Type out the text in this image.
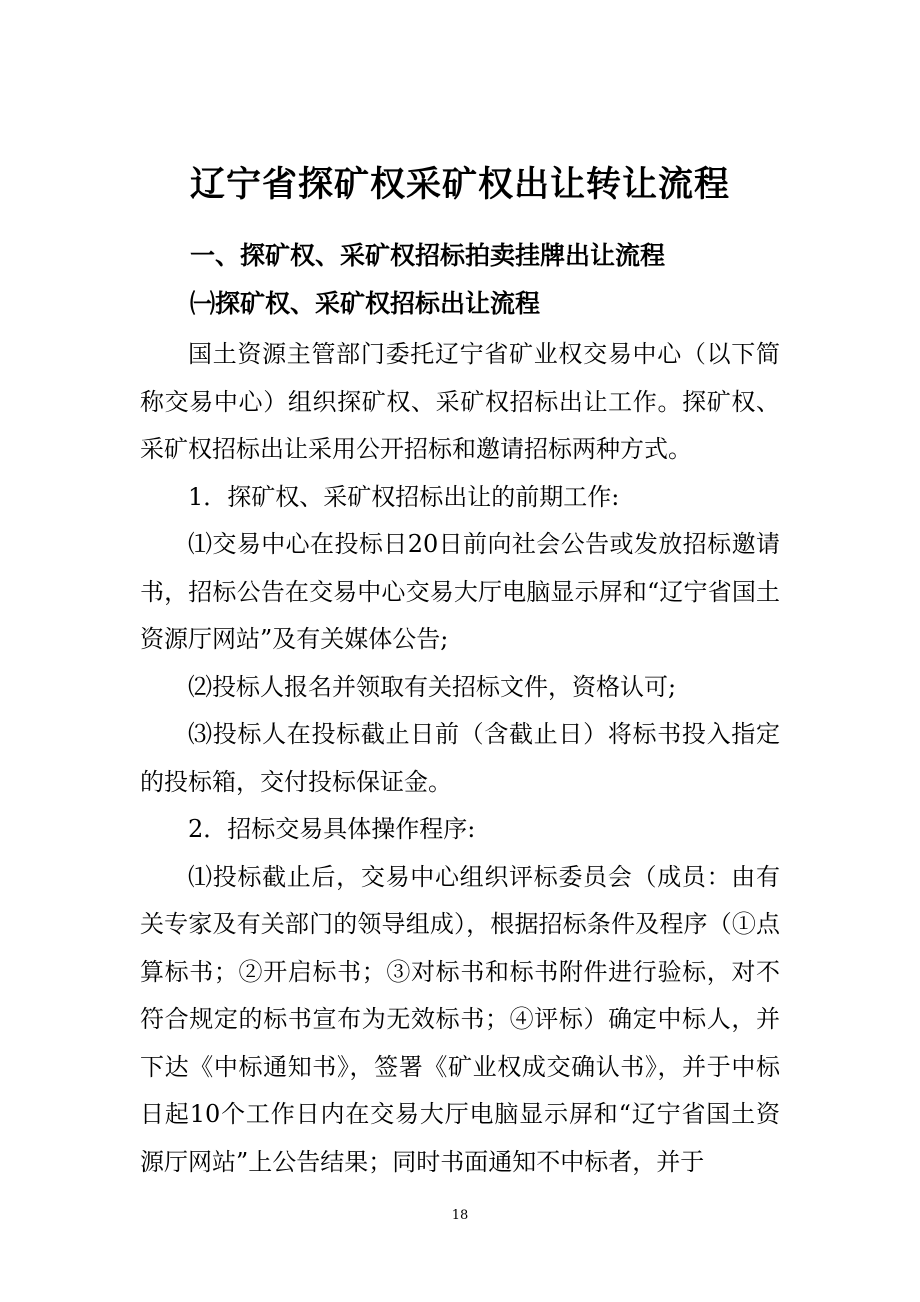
辽宁省探矿权采矿权出让转让流程
一、探矿权、采矿权招标拍卖挂牌出让流程
㈠探矿权、采矿权招标出让流程

国土资源主管部门委托辽宁省矿业权交易中心（以下简称交易中心）组织探矿权、采矿权招标出让工作。探矿权、采矿权招标出让采用公开招标和邀请招标两种方式。

1．探矿权、采矿权招标出让的前期工作:

⑴交易中心在投标日20日前向社会公告或发放招标邀请书，招标公告在交易中心交易大厅电脑显示屏和“辽宁省国土资源厅网站”及有关媒体公告;

⑵投标人报名并领取有关招标文件，资格认可;

⑶投标人在投标截止日前（含截止日）将标书投入指定的投标箱，交付投标保证金。

2．招标交易具体操作程序:

⑴投标截止后，交易中心组织评标委员会（成员：由有关专家及有关部门的领导组成），根据招标条件及程序（①点算标书；②开启标书；③对标书和标书附件进行验标，对不符合规定的标书宣布为无效标书；④评标）确定中标人，并下达《中标通知书》，签署《矿业权成交确认书》，并于中标日起10个工作日内在交易大厅电脑显示屏和“辽宁省国土资源厅网站”上公告结果；同时书面通知不中标者，并于

18
